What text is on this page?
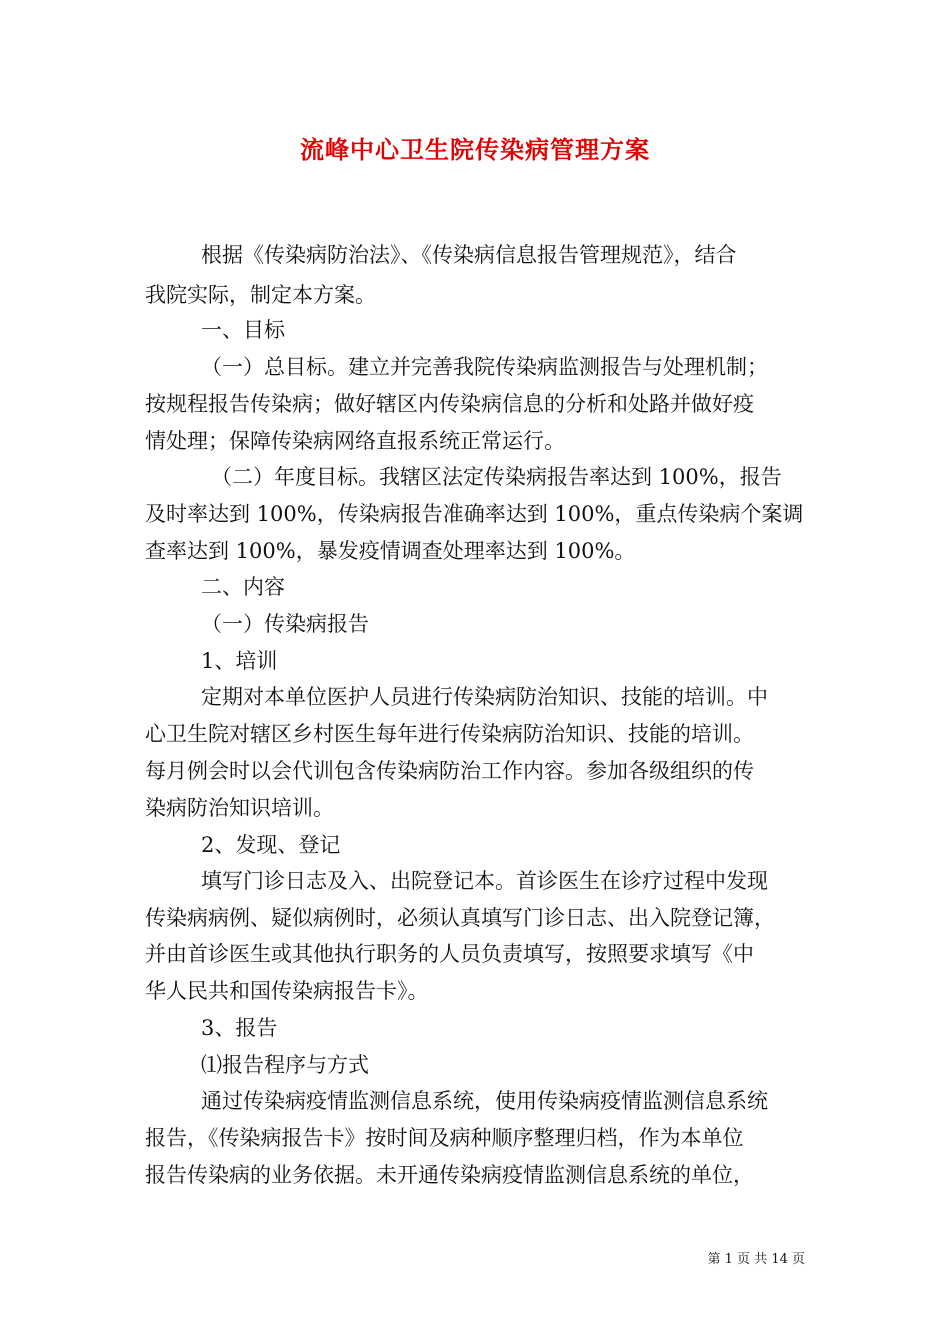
流峰中心卫生院传染病管理方案
根据《传染病防治法》、《传染病信息报告管理规范》，结合
我院实际，制定本方案。
一、目标
（一）总目标。建立并完善我院传染病监测报告与处理机制；
按规程报告传染病；做好辖区内传染病信息的分析和处路并做好疫
情处理；保障传染病网络直报系统正常运行。
（二）年度目标。我辖区法定传染病报告率达到 100%，报告
及时率达到 100%，传染病报告准确率达到 100%，重点传染病个案调
查率达到 100%，暴发疫情调查处理率达到 100%。
二、内容
（一）传染病报告
1、培训
定期对本单位医护人员进行传染病防治知识、技能的培训。中
心卫生院对辖区乡村医生每年进行传染病防治知识、技能的培训。
每月例会时以会代训包含传染病防治工作内容。参加各级组织的传
染病防治知识培训。
2、发现、登记
填写门诊日志及入、出院登记本。首诊医生在诊疗过程中发现
传染病病例、疑似病例时，必须认真填写门诊日志、出入院登记簿，
并由首诊医生或其他执行职务的人员负责填写，按照要求填写《中
华人民共和国传染病报告卡》。
3、报告
⑴报告程序与方式
通过传染病疫情监测信息系统，使用传染病疫情监测信息系统
报告，《传染病报告卡》按时间及病种顺序整理归档，作为本单位
报告传染病的业务依据。未开通传染病疫情监测信息系统的单位，
第 1 页 共 14 页
